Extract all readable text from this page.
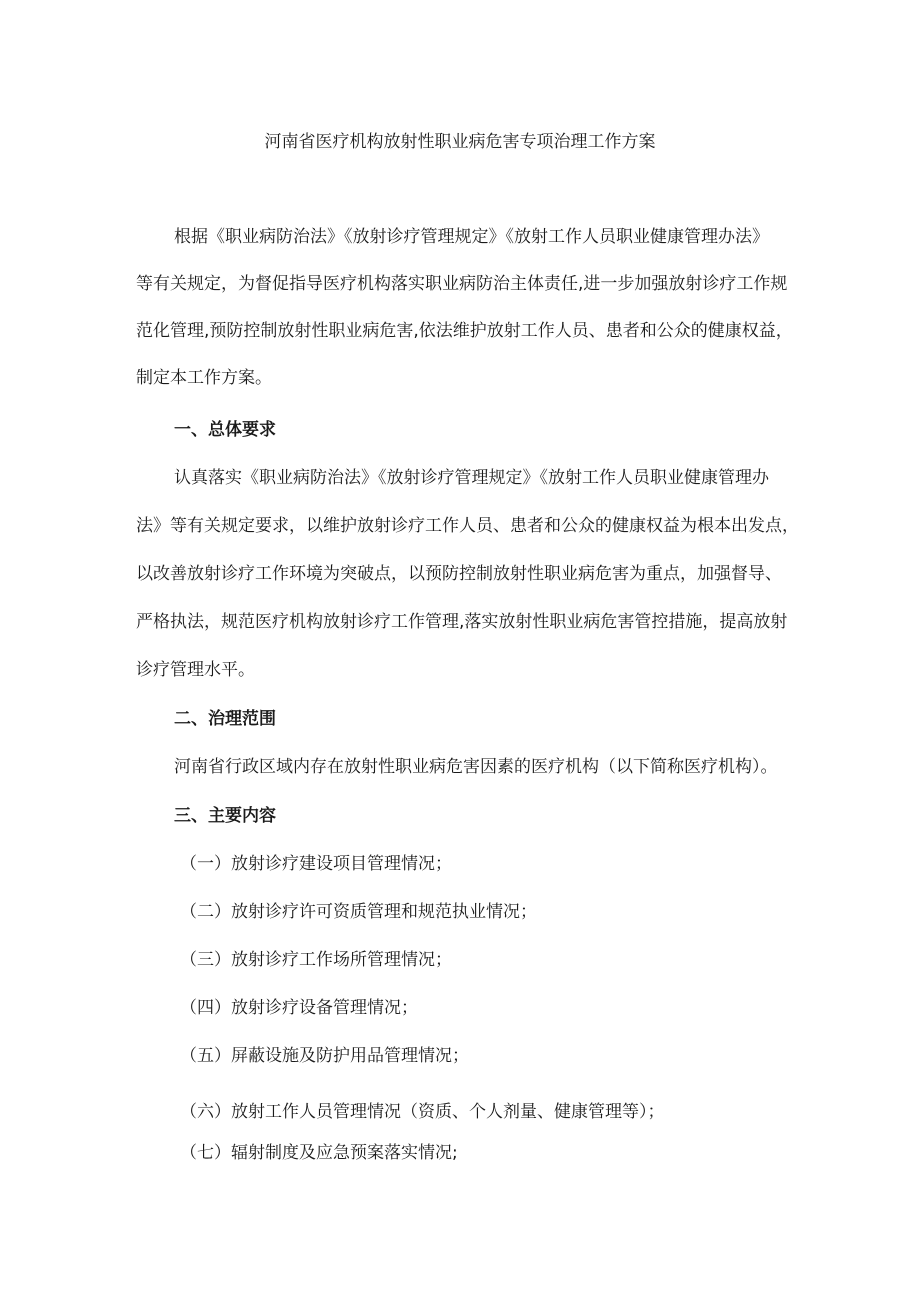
河南省医疗机构放射性职业病危害专项治理工作方案
根据《职业病防治法》《放射诊疗管理规定》《放射工作人员职业健康管理办法》
等有关规定，为督促指导医疗机构落实职业病防治主体责任,进一步加强放射诊疗工作规
范化管理,预防控制放射性职业病危害,依法维护放射工作人员、患者和公众的健康权益，
制定本工作方案。
一、总体要求
认真落实《职业病防治法》《放射诊疗管理规定》《放射工作人员职业健康管理办
法》等有关规定要求，以维护放射诊疗工作人员、患者和公众的健康权益为根本出发点，
以改善放射诊疗工作环境为突破点，以预防控制放射性职业病危害为重点，加强督导、
严格执法，规范医疗机构放射诊疗工作管理,落实放射性职业病危害管控措施，提高放射
诊疗管理水平。
二、治理范围
河南省行政区域内存在放射性职业病危害因素的医疗机构（以下简称医疗机构）。
三、主要内容
（一）放射诊疗建设项目管理情况；
（二）放射诊疗许可资质管理和规范执业情况；
（三）放射诊疗工作场所管理情况；
（四）放射诊疗设备管理情况；
（五）屏蔽设施及防护用品管理情况；
（六）放射工作人员管理情况（资质、个人剂量、健康管理等）；
（七）辐射制度及应急预案落实情况;
